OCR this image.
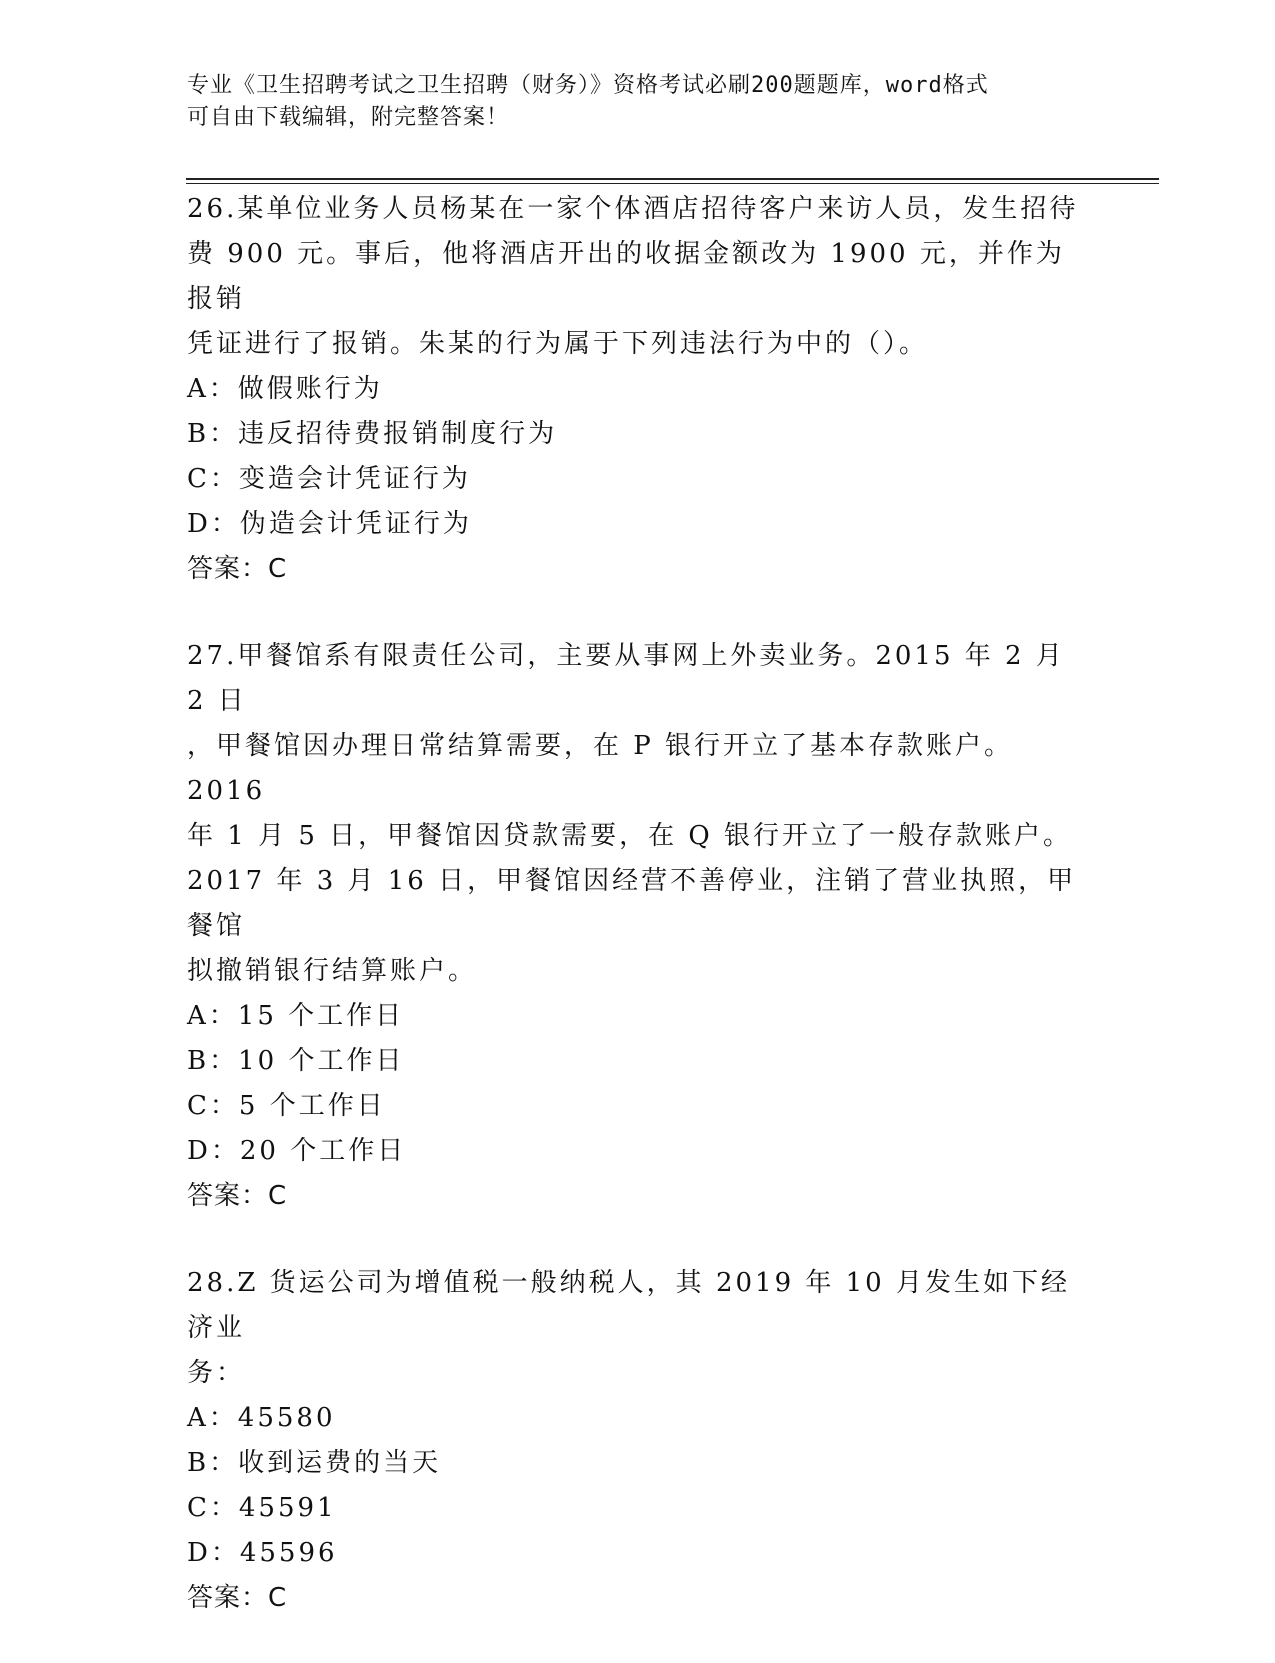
专业《卫生招聘考试之卫生招聘（财务）》资格考试必刷200题题库，word格式
可自由下载编辑，附完整答案！

26.某单位业务人员杨某在一家个体酒店招待客户来访人员，发生招待

费 900 元。事后，他将酒店开出的收据金额改为 1900 元，并作为报销

凭证进行了报销。朱某的行为属于下列违法行为中的（）。

A：做假账行为

B：违反招待费报销制度行为

C：变造会计凭证行为

D：伪造会计凭证行为

答案：C

27.甲餐馆系有限责任公司，主要从事网上外卖业务。2015 年 2 月 2 日

，甲餐馆因办理日常结算需要，在 P 银行开立了基本存款账户。2016

年 1 月 5 日，甲餐馆因贷款需要，在 Q 银行开立了一般存款账户。

2017 年 3 月 16 日，甲餐馆因经营不善停业，注销了营业执照，甲餐馆

拟撤销银行结算账户。

A：15 个工作日

B：10 个工作日

C：5 个工作日

D：20 个工作日

答案：C

28.Z 货运公司为增值税一般纳税人，其 2019 年 10 月发生如下经济业

务：

A：45580

B：收到运费的当天

C：45591

D：45596

答案：C
